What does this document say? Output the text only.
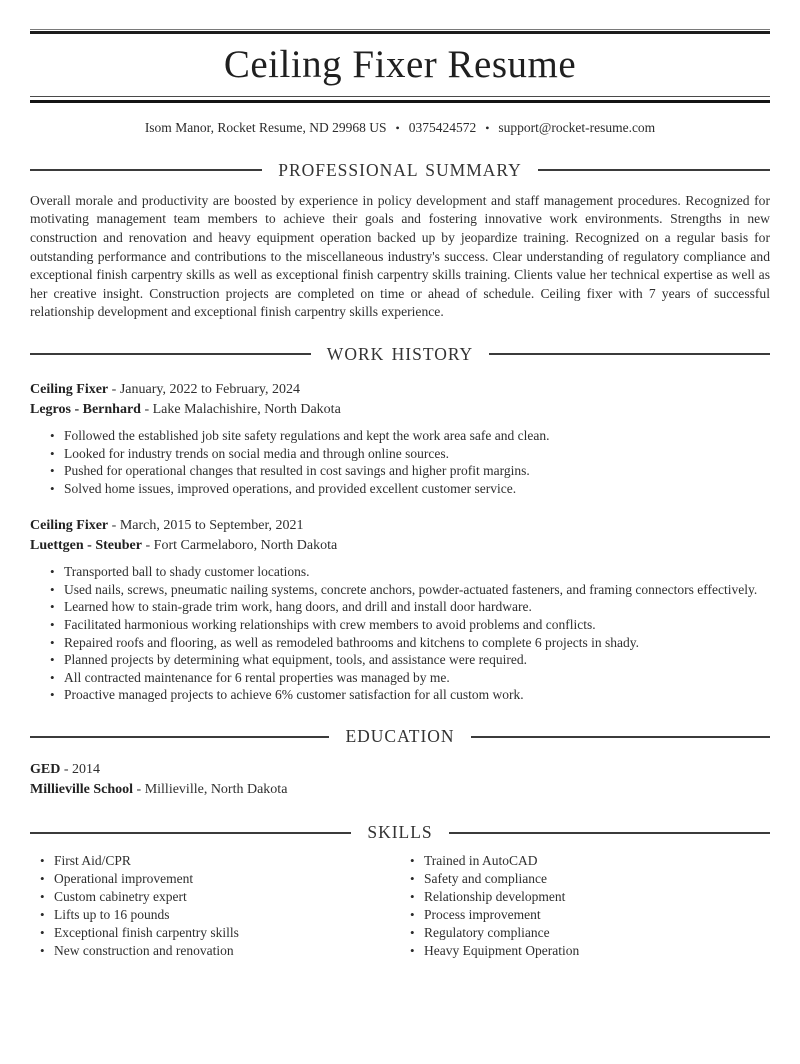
Ceiling Fixer Resume
Isom Manor, Rocket Resume, ND 29968 US • 0375424572 • support@rocket-resume.com
PROFESSIONAL SUMMARY

Overall morale and productivity are boosted by experience in policy development and staff management procedures. Recognized for motivating management team members to achieve their goals and fostering innovative work environments. Strengths in new construction and renovation and heavy equipment operation backed up by jeopardize training. Recognized on a regular basis for outstanding performance and contributions to the miscellaneous industry's success. Clear understanding of regulatory compliance and exceptional finish carpentry skills as well as exceptional finish carpentry skills training. Clients value her technical expertise as well as her creative insight. Construction projects are completed on time or ahead of schedule. Ceiling fixer with 7 years of successful relationship development and exceptional finish carpentry skills experience.

WORK HISTORY

Ceiling Fixer - January, 2022 to February, 2024

Legros - Bernhard - Lake Malachishire, North Dakota

• Followed the established job site safety regulations and kept the work area safe and clean.
• Looked for industry trends on social media and through online sources.
• Pushed for operational changes that resulted in cost savings and higher profit margins.
• Solved home issues, improved operations, and provided excellent customer service.

Ceiling Fixer - March, 2015 to September, 2021

Luettgen - Steuber - Fort Carmelaboro, North Dakota

• Transported ball to shady customer locations.
• Used nails, screws, pneumatic nailing systems, concrete anchors, powder-actuated fasteners, and framing connectors effectively.
• Learned how to stain-grade trim work, hang doors, and drill and install door hardware.
• Facilitated harmonious working relationships with crew members to avoid problems and conflicts.
• Repaired roofs and flooring, as well as remodeled bathrooms and kitchens to complete 6 projects in shady.
• Planned projects by determining what equipment, tools, and assistance were required.
• All contracted maintenance for 6 rental properties was managed by me.
• Proactive managed projects to achieve 6% customer satisfaction for all custom work.
EDUCATION

GED - 2014

Millieville School - Millieville, North Dakota

SKILLS
• First Aid/CPR
• Operational improvement
• Custom cabinetry expert
• Lifts up to 16 pounds
• Exceptional finish carpentry skills
• New construction and renovation
• Trained in AutoCAD
• Safety and compliance
• Relationship development
• Process improvement
• Regulatory compliance
• Heavy Equipment Operation
